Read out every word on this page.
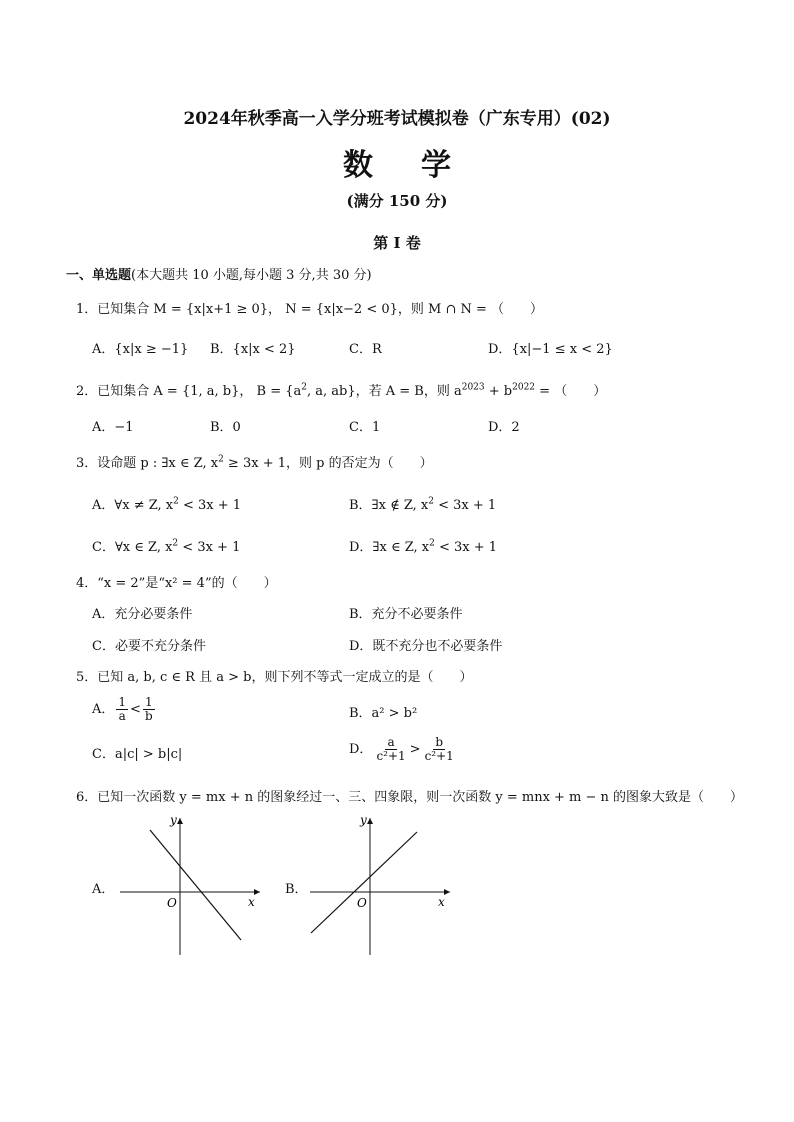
2024年秋季高一入学分班考试模拟卷（广东专用）(02)
数学
(满分 150 分)
第 I 卷
一、单选题(本大题共 10 小题,每小题 3 分,共 30 分)
1．已知集合 M = {x|x+1 ≥ 0}， N = {x|x−2 < 0}，则 M ∩ N = （　　）
A．{x|x ≥ −1} B．{x|x < 2}	C．R	D．{x|−1 ≤ x < 2}
2．已知集合 A = {1, a, b}， $B = \{a^2$, a, ab}，若 A = B，则 $a^{2023} + b^{2022}$ = （　　）
A．−1	B．0	C．1	D．2
3．设命题 p : ∃x ∈ Z, $x^2 \ge 3x + 1$，则 p 的否定为（　　）
A．∀x ≠ Z, $x^2 < 3x + 1$	B．∃x ∉ Z, $x^2 < 3x + 1$
C．∀x ∈ Z, $x^2 < 3x + 1$	D．∃x ∈ Z, $x^2 < 3x + 1$
4．“x = 2”是“x² = 4”的（　　）
A．充分必要条件	B．充分不必要条件
C．必要不充分条件	D．既不充分也不必要条件
5．已知 a, b, c ∈ R 且 a > b，则下列不等式一定成立的是（　　）
A． $\frac{1}{a} < \frac{1}{b}$	B．a² > b²
C．a|c| > b|c|	D． $\frac{a}{\text{c²+1}} > \frac{b}{\text{c²+1}}$
6．已知一次函数 y = mx + n 的图象经过一、三、四象限，则一次函数 y = mnx + m − n 的图象大致是（　　）
A．
y
x
O
B．
y
x
O
